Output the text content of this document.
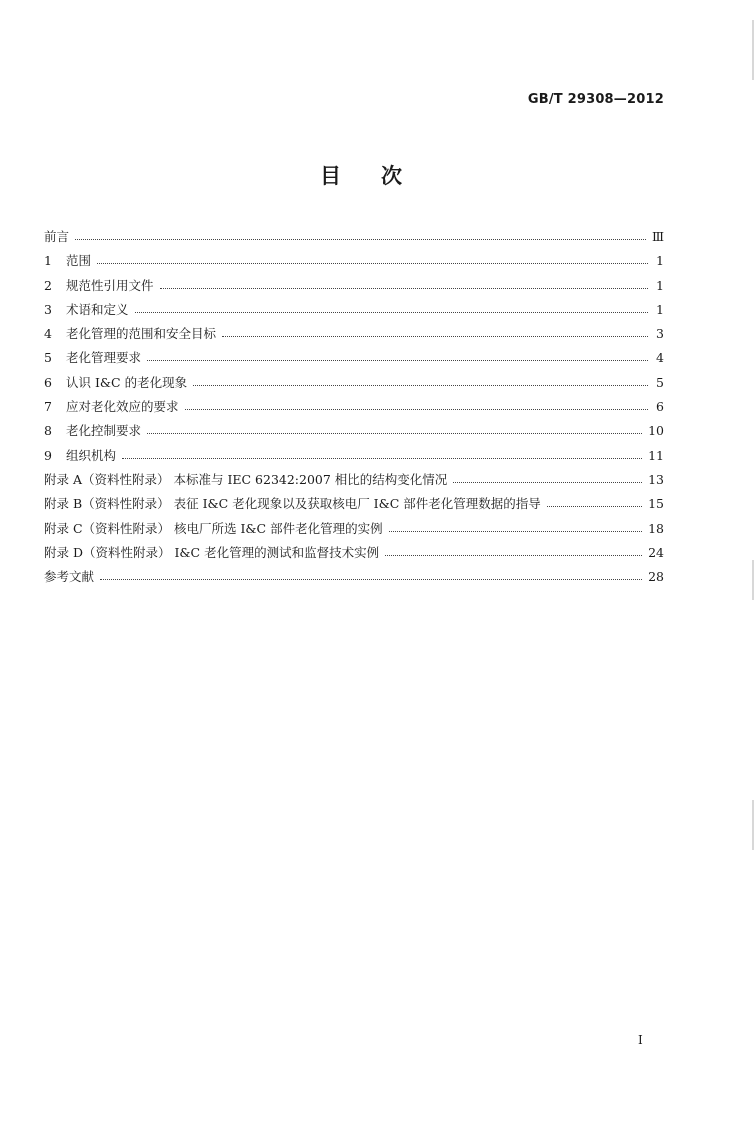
GB/T 29308—2012
目次
前言	Ⅲ
1	范围	1
2	规范性引用文件	1
3	术语和定义	1
4	老化管理的范围和安全目标	3
5	老化管理要求	4
6	认识 I&C 的老化现象	5
7	应对老化效应的要求	6
8	老化控制要求	10
9	组织机构	11
附录 A（资料性附录） 本标准与 IEC 62342:2007 相比的结构变化情况	13
附录 B（资料性附录） 表征 I&C 老化现象以及获取核电厂 I&C 部件老化管理数据的指导	15
附录 C（资料性附录） 核电厂所选 I&C 部件老化管理的实例	18
附录 D（资料性附录） I&C 老化管理的测试和监督技术实例	24
参考文献	28
I
